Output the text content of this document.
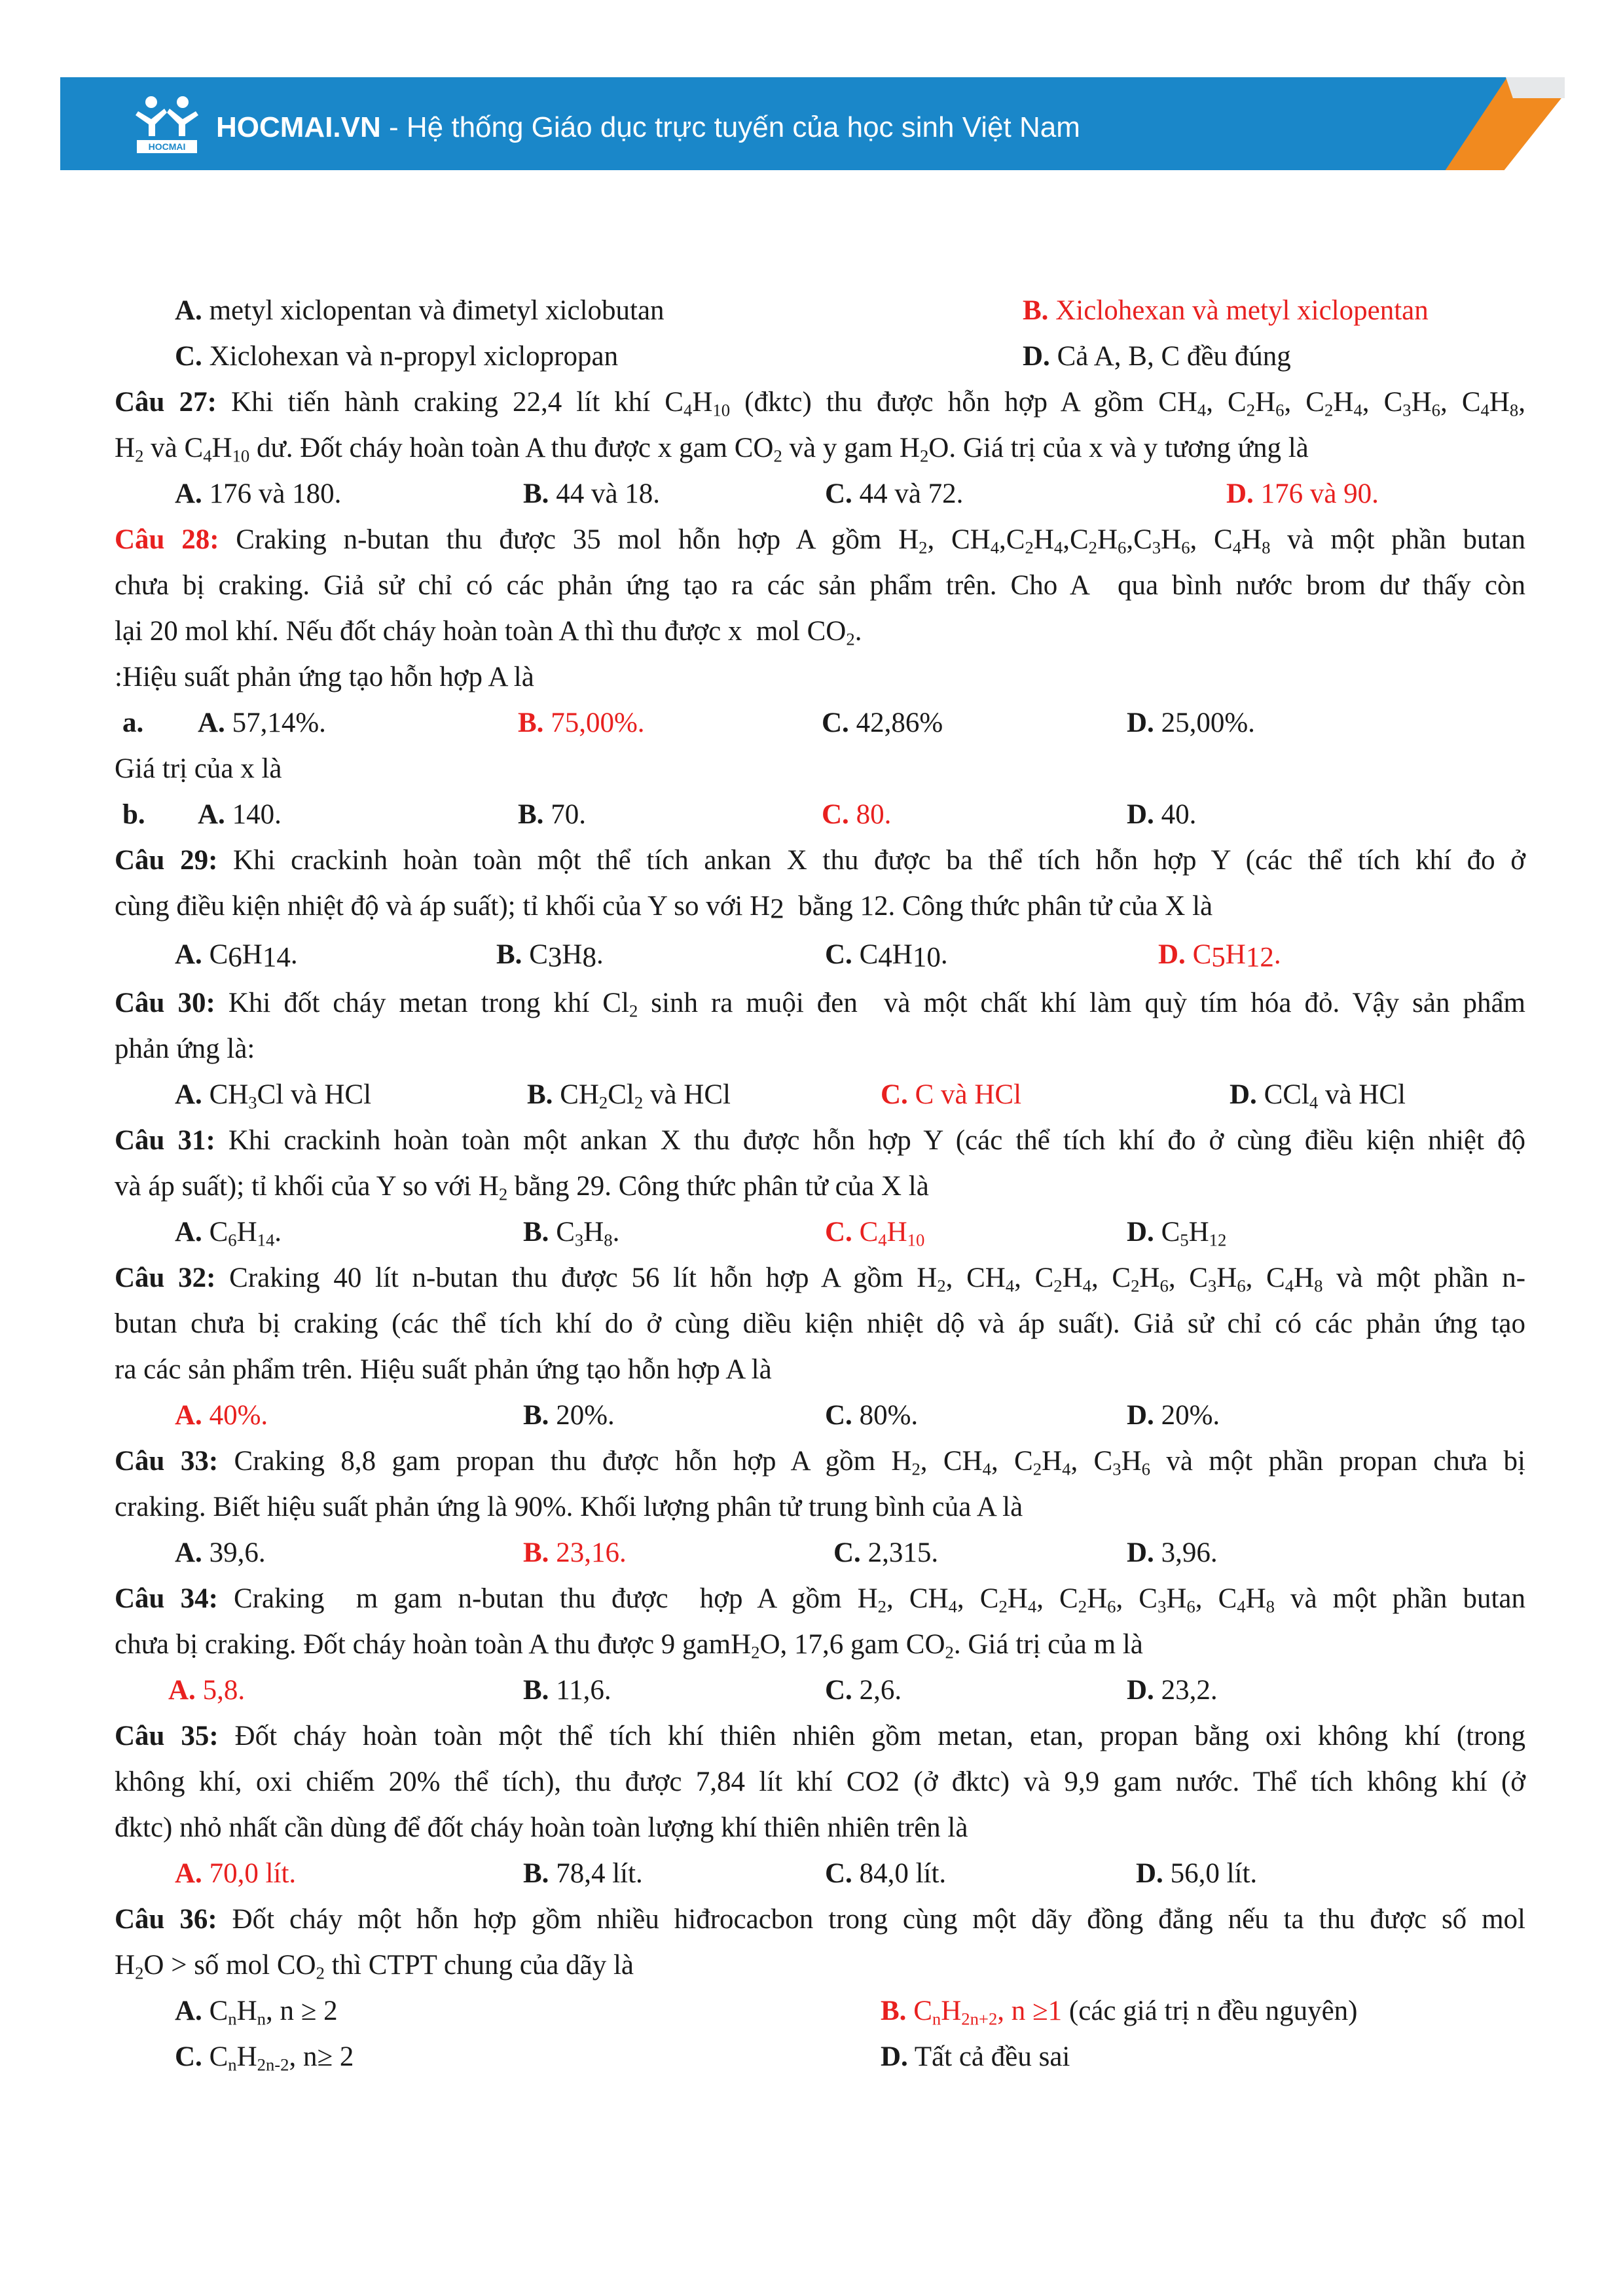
HOCMAI
HOCMAI.VN - Hệ thống Giáo dục trực tuyến của học sinh Việt Nam
A. metyl xiclopentan và đimetyl xiclobutan	B. Xiclohexan và metyl xiclopentan
C. Xiclohexan và n-propyl xiclopropan	D. Cả A, B, C đều đúng
Câu 27: Khi tiến hành craking 22,4 lít khí $C_4H_{10}$ (đktc) thu được hỗn hợp A gồm $CH_4$, $C_2H_6$, $C_2H_4$, $C_3H_6$, $C_4H_8$,
$H_2$ và $C_4H_{10}$ dư. Đốt cháy hoàn toàn A thu được x gam $CO_2$ và y gam $H_2O$. Giá trị của x và y tương ứng là
A. 176 và 180.	B. 44 và 18.	C. 44 và 72.	D. 176 và 90.
Câu 28: Craking n-butan thu được 35 mol hỗn hợp A gồm $H_2$, $CH_4,C_2H_4,C_2H_6,C_3H_6$, $C_4H_8$ và một phần butan
chưa bị craking. Giả sử chỉ có các phản ứng tạo ra các sản phẩm trên. Cho A  qua bình nước brom dư thấy còn
lại 20 mol khí. Nếu đốt cháy hoàn toàn A thì thu được x  mol $CO_2$.
:Hiệu suất phản ứng tạo hỗn hợp A là
a. A. 57,14%.	B. 75,00%.	C. 42,86%	D. 25,00%.
Giá trị của x là
b. A. 140.	B. 70.	C. 80.	D. 40.
Câu 29: Khi crackinh hoàn toàn một thể tích ankan X thu được ba thể tích hỗn hợp Y (các thể tích khí đo ở
cùng điều kiện nhiệt độ và áp suất); tỉ khối của Y so với $H_2$  bằng 12. Công thức phân tử của X là
A. $C_6H_{14}$.	B. $C_3H_8$.	C. $C_4H_{10}$.	D. $C_5H_{12}$.
Câu 30: Khi đốt cháy metan trong khí $Cl_2$ sinh ra muội đen  và một chất khí làm quỳ tím hóa đỏ. Vậy sản phẩm
phản ứng là:
A. $CH_3Cl$ và HCl	B. $CH_2Cl_2$ và HCl	C. C và HCl	D. CCl$_4$ và HCl
Câu 31: Khi crackinh hoàn toàn một ankan X thu được hỗn hợp Y (các thể tích khí đo ở cùng điều kiện nhiệt độ
và áp suất); tỉ khối của Y so với $H_2$ bằng 29. Công thức phân tử của X là
A. $C_6H_{14}$.	B. $C_3H_8$.	C. $C_4H_{10}$	D. $C_5H_{12}$
Câu 32: Craking 40 lít n-butan thu được 56 lít hỗn hợp A gồm $H_2$, $CH_4$, $C_2H_4$, $C_2H_6$, $C_3H_6$, $C_4H_8$ và một phần n-
butan chưa bị craking (các thể tích khí do ở cùng diều kiện nhiệt dộ và áp suất). Giả sử chỉ có các phản ứng tạo
ra các sản phẩm trên. Hiệu suất phản ứng tạo hỗn hợp A là
A. 40%.	B. 20%.	C. 80%.	D. 20%.
Câu 33: Craking 8,8 gam propan thu được hỗn hợp A gồm $H_2$, $CH_4$, $C_2H_4$, $C_3H_6$ và một phần propan chưa bị
craking. Biết hiệu suất phản ứng là 90%. Khối lượng phân tử trung bình của A là
A. 39,6.	B. 23,16.	C. 2,315.	D. 3,96.
Câu 34: Craking  m gam n-butan thu được  hợp A gồm $H_2$, $CH_4$, $C_2H_4$, $C_2H_6$, $C_3H_6$, $C_4H_8$ và một phần butan
chưa bị craking. Đốt cháy hoàn toàn A thu được 9 gamH$_2$O, 17,6 gam $CO_2$. Giá trị của m là
A. 5,8.	B. 11,6.	C. 2,6.	D. 23,2.
Câu 35: Đốt cháy hoàn toàn một thể tích khí thiên nhiên gồm metan, etan, propan bằng oxi không khí (trong
không khí, oxi chiếm 20% thể tích), thu được 7,84 lít khí CO2 (ở đktc) và 9,9 gam nước. Thể tích không khí (ở
đktc) nhỏ nhất cần dùng để đốt cháy hoàn toàn lượng khí thiên nhiên trên là
A. 70,0 lít.	B. 78,4 lít.	C. 84,0 lít.	D. 56,0 lít.
Câu 36: Đốt cháy một hỗn hợp gồm nhiều hiđrocacbon trong cùng một dãy đồng đẳng nếu ta thu được số mol
$H_2O$ > số mol $CO_2$ thì CTPT chung của dãy là
A. $C_nH_n$, n ≥ 2	B. $C_nH_{2n+2}$, n ≥1 (các giá trị n đều nguyên)
C. $C_nH_{2n-2}$, n≥ 2	D. Tất cả đều sai
